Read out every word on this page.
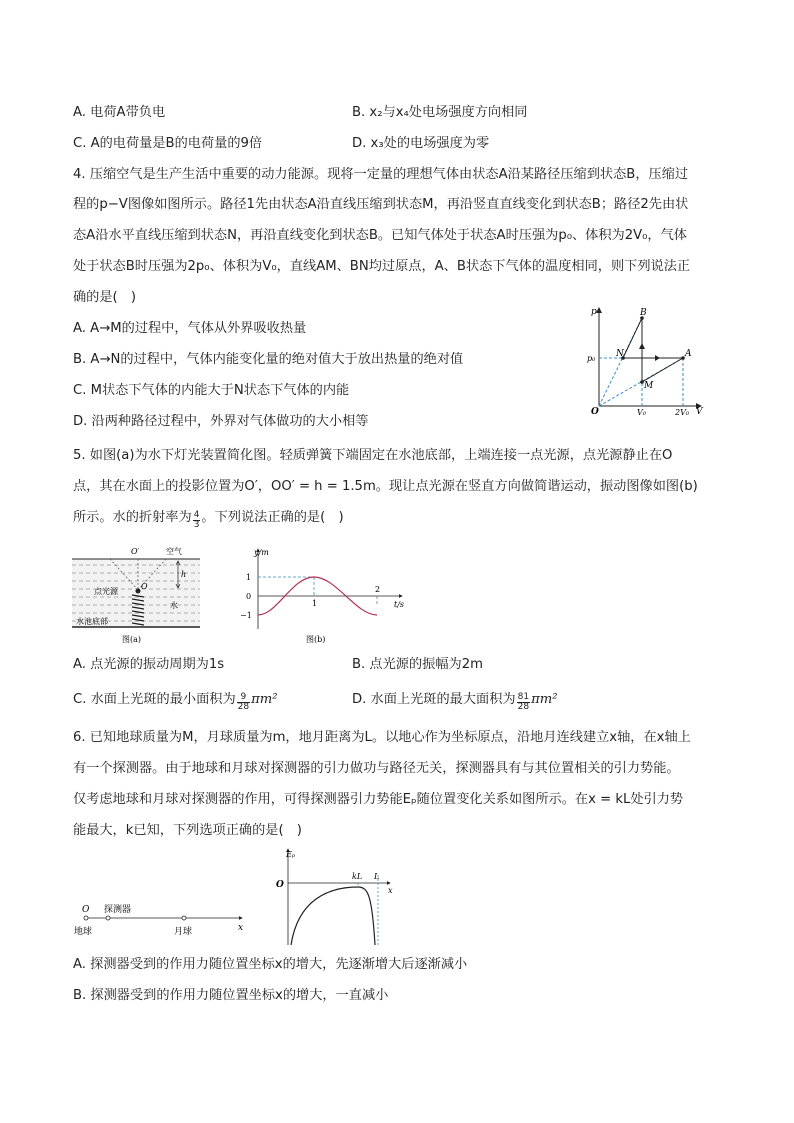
A. 电荷A带负电	B. x₂与x₄处电场强度方向相同
C. A的电荷量是B的电荷量的9倍	D. x₃处的电场强度为零
4. 压缩空气是生产生活中重要的动力能源。现将一定量的理想气体由状态A沿某路径压缩到状态B，压缩过
程的p−V图像如图所示。路径1先由状态A沿直线压缩到状态M，再沿竖直直线变化到状态B；路径2先由状
态A沿水平直线压缩到状态N，再沿直线变化到状态B。已知气体处于状态A时压强为p₀、体积为2V₀，气体
处于状态B时压强为2p₀、体积为V₀，直线AM、BN均过原点，A、B状态下气体的温度相同，则下列说法正
确的是(　)
A. A→M的过程中，气体从外界吸收热量
B. A→N的过程中，气体内能变化量的绝对值大于放出热量的绝对值
C. M状态下气体的内能大于N状态下气体的内能
D. 沿两种路径过程中，外界对气体做功的大小相等
p
V
O
B
A
N
M
p₀
V₀	2V₀
5. 如图(a)为水下灯光装置简化图。轻质弹簧下端固定在水池底部，上端连接一点光源，点光源静止在O
点，其在水面上的投影位置为O′，OO′ = h = 1.5m。现让点光源在竖直方向做简谐运动，振动图像如图(b)
所示。水的折射率为 $\frac{4}{3}$ 。下列说法正确的是(　)
O′	空气
h
点光源
O
水
水池底部
图(a)
y/m
t/s
1
0
−1
1
2
图(b)
A. 点光源的振动周期为1s	B. 点光源的振幅为2m
C. 水面上光斑的最小面积为 $\frac{9}{28} \pi m^2$	D. 水面上光斑的最大面积为 $\frac{81}{28} \pi m^2$
6. 已知地球质量为M，月球质量为m，地月距离为L。以地心作为坐标原点，沿地月连线建立x轴，在x轴上
有一个探测器。由于地球和月球对探测器的引力做功与路径无关，探测器具有与其位置相关的引力势能。
仅考虑地球和月球对探测器的作用，可得探测器引力势能Eₚ随位置变化关系如图所示。在x = kL处引力势
能最大，k已知，下列选项正确的是(　)
O 探测器
地球	月球	x
Eₚ
O
kL L
x
A. 探测器受到的作用力随位置坐标x的增大，先逐渐增大后逐渐减小
B. 探测器受到的作用力随位置坐标x的增大，一直减小
